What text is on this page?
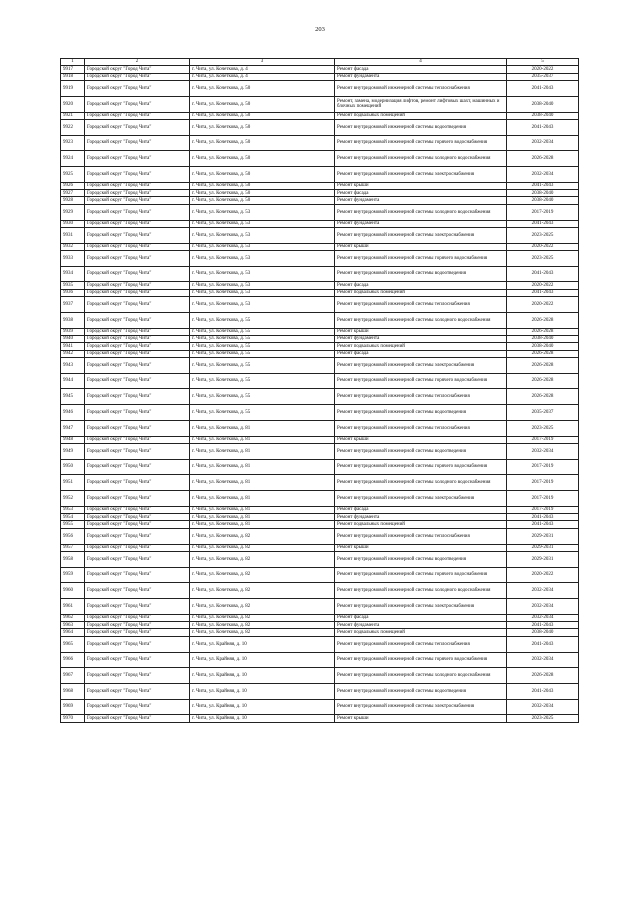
203
1	2	3	4	5
9917	Городской округ "Город Чита"	г. Чита, ул. Кочеткова, д. 4	Ремонт фасада	2020-2022
9918	Городской округ "Город Чита"	г. Чита, ул. Кочеткова, д. 4	Ремонт фундамента	2035-2037
9919	Городской округ "Город Чита"	г. Чита, ул. Кочеткова, д. 50	Ремонт внутридомовой инженерной системы теплоснабжения	2041-2043
9920	Городской округ "Город Чита"	г. Чита, ул. Кочеткова, д. 50	Ремонт, замена, модернизация лифтов, ремонт лифтовых шахт, машинных и блочных помещений	2038-2040
9921	Городской округ "Город Чита"	г. Чита, ул. Кочеткова, д. 50	Ремонт подвальных помещений	2038-2040
9922	Городской округ "Город Чита"	г. Чита, ул. Кочеткова, д. 50	Ремонт внутридомовой инженерной системы водоотведения	2041-2043
9923	Городской округ "Город Чита"	г. Чита, ул. Кочеткова, д. 50	Ремонт внутридомовой инженерной системы горячего водоснабжения	2032-2034
9924	Городской округ "Город Чита"	г. Чита, ул. Кочеткова, д. 50	Ремонт внутридомовой инженерной системы холодного водоснабжения	2026-2028
9925	Городской округ "Город Чита"	г. Чита, ул. Кочеткова, д. 50	Ремонт внутридомовой инженерной системы электроснабжения	2032-2034
9926	Городской округ "Город Чита"	г. Чита, ул. Кочеткова, д. 50	Ремонт крыши	2041-2043
9927	Городской округ "Город Чита"	г. Чита, ул. Кочеткова, д. 50	Ремонт фасада	2038-2040
9928	Городской округ "Город Чита"	г. Чита, ул. Кочеткова, д. 50	Ремонт фундамента	2038-2040
9929	Городской округ "Город Чита"	г. Чита, ул. Кочеткова, д. 53	Ремонт внутридомовой инженерной системы холодного водоснабжения	2017-2019
9930	Городской округ "Город Чита"	г. Чита, ул. Кочеткова, д. 53	Ремонт фундамента	2041-2043
9931	Городской округ "Город Чита"	г. Чита, ул. Кочеткова, д. 53	Ремонт внутридомовой инженерной системы электроснабжения	2023-2025
9932	Городской округ "Город Чита"	г. Чита, ул. Кочеткова, д. 53	Ремонт крыши	2020-2022
9933	Городской округ "Город Чита"	г. Чита, ул. Кочеткова, д. 53	Ремонт внутридомовой инженерной системы горячего водоснабжения	2023-2025
9934	Городской округ "Город Чита"	г. Чита, ул. Кочеткова, д. 53	Ремонт внутридомовой инженерной системы водоотведения	2041-2043
9935	Городской округ "Город Чита"	г. Чита, ул. Кочеткова, д. 53	Ремонт фасада	2020-2022
9936	Городской округ "Город Чита"	г. Чита, ул. Кочеткова, д. 53	Ремонт подвальных помещений	2041-2043
9937	Городской округ "Город Чита"	г. Чита, ул. Кочеткова, д. 53	Ремонт внутридомовой инженерной системы теплоснабжения	2020-2022
9938	Городской округ "Город Чита"	г. Чита, ул. Кочеткова, д. 55	Ремонт внутридомовой инженерной системы холодного водоснабжения	2026-2028
9939	Городской округ "Город Чита"	г. Чита, ул. Кочеткова, д. 55	Ремонт крыши	2026-2028
9940	Городской округ "Город Чита"	г. Чита, ул. Кочеткова, д. 55	Ремонт фундамента	2038-2040
9941	Городской округ "Город Чита"	г. Чита, ул. Кочеткова, д. 55	Ремонт подвальных помещений	2038-2040
9942	Городской округ "Город Чита"	г. Чита, ул. Кочеткова, д. 55	Ремонт фасада	2026-2028
9943	Городской округ "Город Чита"	г. Чита, ул. Кочеткова, д. 55	Ремонт внутридомовой инженерной системы электроснабжения	2026-2028
9944	Городской округ "Город Чита"	г. Чита, ул. Кочеткова, д. 55	Ремонт внутридомовой инженерной системы горячего водоснабжения	2026-2028
9945	Городской округ "Город Чита"	г. Чита, ул. Кочеткова, д. 55	Ремонт внутридомовой инженерной системы теплоснабжения	2026-2028
9946	Городской округ "Город Чита"	г. Чита, ул. Кочеткова, д. 55	Ремонт внутридомовой инженерной системы водоотведения	2035-2037
9947	Городской округ "Город Чита"	г. Чита, ул. Кочеткова, д. 81	Ремонт внутридомовой инженерной системы теплоснабжения	2023-2025
9948	Городской округ "Город Чита"	г. Чита, ул. Кочеткова, д. 81	Ремонт крыши	2017-2019
9949	Городской округ "Город Чита"	г. Чита, ул. Кочеткова, д. 81	Ремонт внутридомовой инженерной системы водоотведения	2032-2034
9950	Городской округ "Город Чита"	г. Чита, ул. Кочеткова, д. 81	Ремонт внутридомовой инженерной системы горячего водоснабжения	2017-2019
9951	Городской округ "Город Чита"	г. Чита, ул. Кочеткова, д. 81	Ремонт внутридомовой инженерной системы холодного водоснабжения	2017-2019
9952	Городской округ "Город Чита"	г. Чита, ул. Кочеткова, д. 81	Ремонт внутридомовой инженерной системы электроснабжения	2017-2019
9953	Городской округ "Город Чита"	г. Чита, ул. Кочеткова, д. 81	Ремонт фасада	2017-2019
9954	Городской округ "Город Чита"	г. Чита, ул. Кочеткова, д. 81	Ремонт фундамента	2041-2043
9955	Городской округ "Город Чита"	г. Чита, ул. Кочеткова, д. 81	Ремонт подвальных помещений	2041-2043
9956	Городской округ "Город Чита"	г. Чита, ул. Кочеткова, д. 82	Ремонт внутридомовой инженерной системы теплоснабжения	2029-2031
9957	Городской округ "Город Чита"	г. Чита, ул. Кочеткова, д. 82	Ремонт крыши	2029-2031
9958	Городской округ "Город Чита"	г. Чита, ул. Кочеткова, д. 82	Ремонт внутридомовой инженерной системы водоотведения	2029-2031
9959	Городской округ "Город Чита"	г. Чита, ул. Кочеткова, д. 82	Ремонт внутридомовой инженерной системы горячего водоснабжения	2020-2022
9960	Городской округ "Город Чита"	г. Чита, ул. Кочеткова, д. 82	Ремонт внутридомовой инженерной системы холодного водоснабжения	2032-2034
9961	Городской округ "Город Чита"	г. Чита, ул. Кочеткова, д. 82	Ремонт внутридомовой инженерной системы электроснабжения	2032-2034
9962	Городской округ "Город Чита"	г. Чита, ул. Кочеткова, д. 82	Ремонт фасада	2032-2034
9963	Городской округ "Город Чита"	г. Чита, ул. Кочеткова, д. 82	Ремонт фундамента	2041-2043
9964	Городской округ "Город Чита"	г. Чита, ул. Кочеткова, д. 82	Ремонт подвальных помещений	2038-2040
9965	Городской округ "Город Чита"	г. Чита, ул. Крайняя, д. 10	Ремонт внутридомовой инженерной системы теплоснабжения	2041-2043
9966	Городской округ "Город Чита"	г. Чита, ул. Крайняя, д. 10	Ремонт внутридомовой инженерной системы горячего водоснабжения	2032-2034
9967	Городской округ "Город Чита"	г. Чита, ул. Крайняя, д. 10	Ремонт внутридомовой инженерной системы холодного водоснабжения	2026-2028
9968	Городской округ "Город Чита"	г. Чита, ул. Крайняя, д. 10	Ремонт внутридомовой инженерной системы водоотведения	2041-2043
9969	Городской округ "Город Чита"	г. Чита, ул. Крайняя, д. 10	Ремонт внутридомовой инженерной системы электроснабжения	2032-2034
9970	Городской округ "Город Чита"	г. Чита, ул. Крайняя, д. 10	Ремонт крыши	2023-2025
